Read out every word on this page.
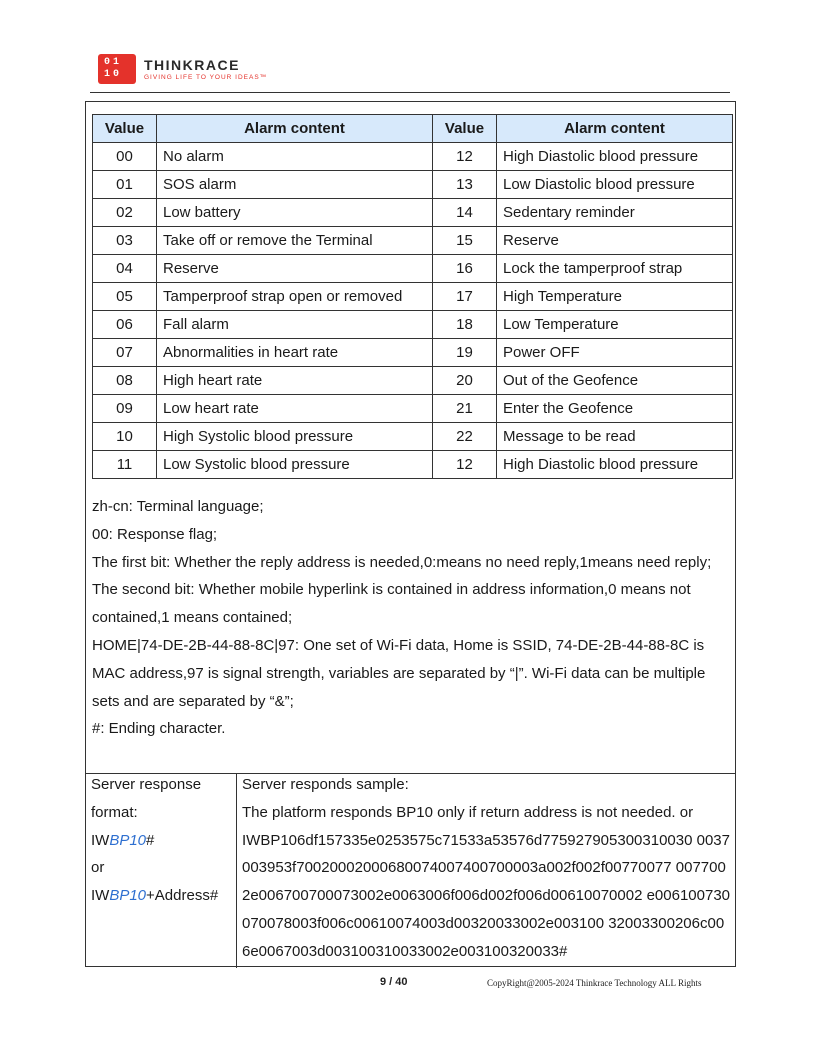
01
10
THINKRACE
GIVING LIFE TO YOUR IDEAS™
Value	Alarm content	Value	Alarm content
00	No alarm	12	High Diastolic blood pressure
01	SOS alarm	13	Low Diastolic blood pressure
02	Low battery	14	Sedentary reminder
03	Take off or remove the Terminal	15	Reserve
04	Reserve	16	Lock the tamperproof strap
05	Tamperproof strap open or removed	17	High Temperature
06	Fall alarm	18	Low Temperature
07	Abnormalities in heart rate	19	Power OFF
08	High heart rate	20	Out of the Geofence
09	Low heart rate	21	Enter the Geofence
10	High Systolic blood pressure	22	Message to be read
11	Low Systolic blood pressure	12	High Diastolic blood pressure

zh-cn: Terminal language;

00: Response flag;

The first bit: Whether the reply address is needed,0:means no need reply,1means need reply;

The second bit: Whether mobile hyperlink is contained in address information,0 means not contained,1 means contained;

HOME|74-DE-2B-44-88-8C|97: One set of Wi-Fi data, Home is SSID, 74-DE-2B-44-88-8C is MAC address,97 is signal strength, variables are separated by “|”. Wi-Fi data can be multiple sets and are separated by “&”;

#: Ending character.

Server response

format:

IWBP10#

or

IWBP10+Address#

Server responds sample:

The platform responds BP10 only if return address is not needed. or

IWBP106df157335e0253575c71533a53576d775927905300310030 0037003953f70020002000680074007400700003a002f002f00770077 0077002e006700700073002e0063006f006d002f006d00610070002 e006100730070078003f006c00610074003d00320033002e003100 32003300206c006e0067003d003100310033002e003100320033#

9 / 40	CopyRight@2005-2024 Thinkrace Technology ALL Rights
